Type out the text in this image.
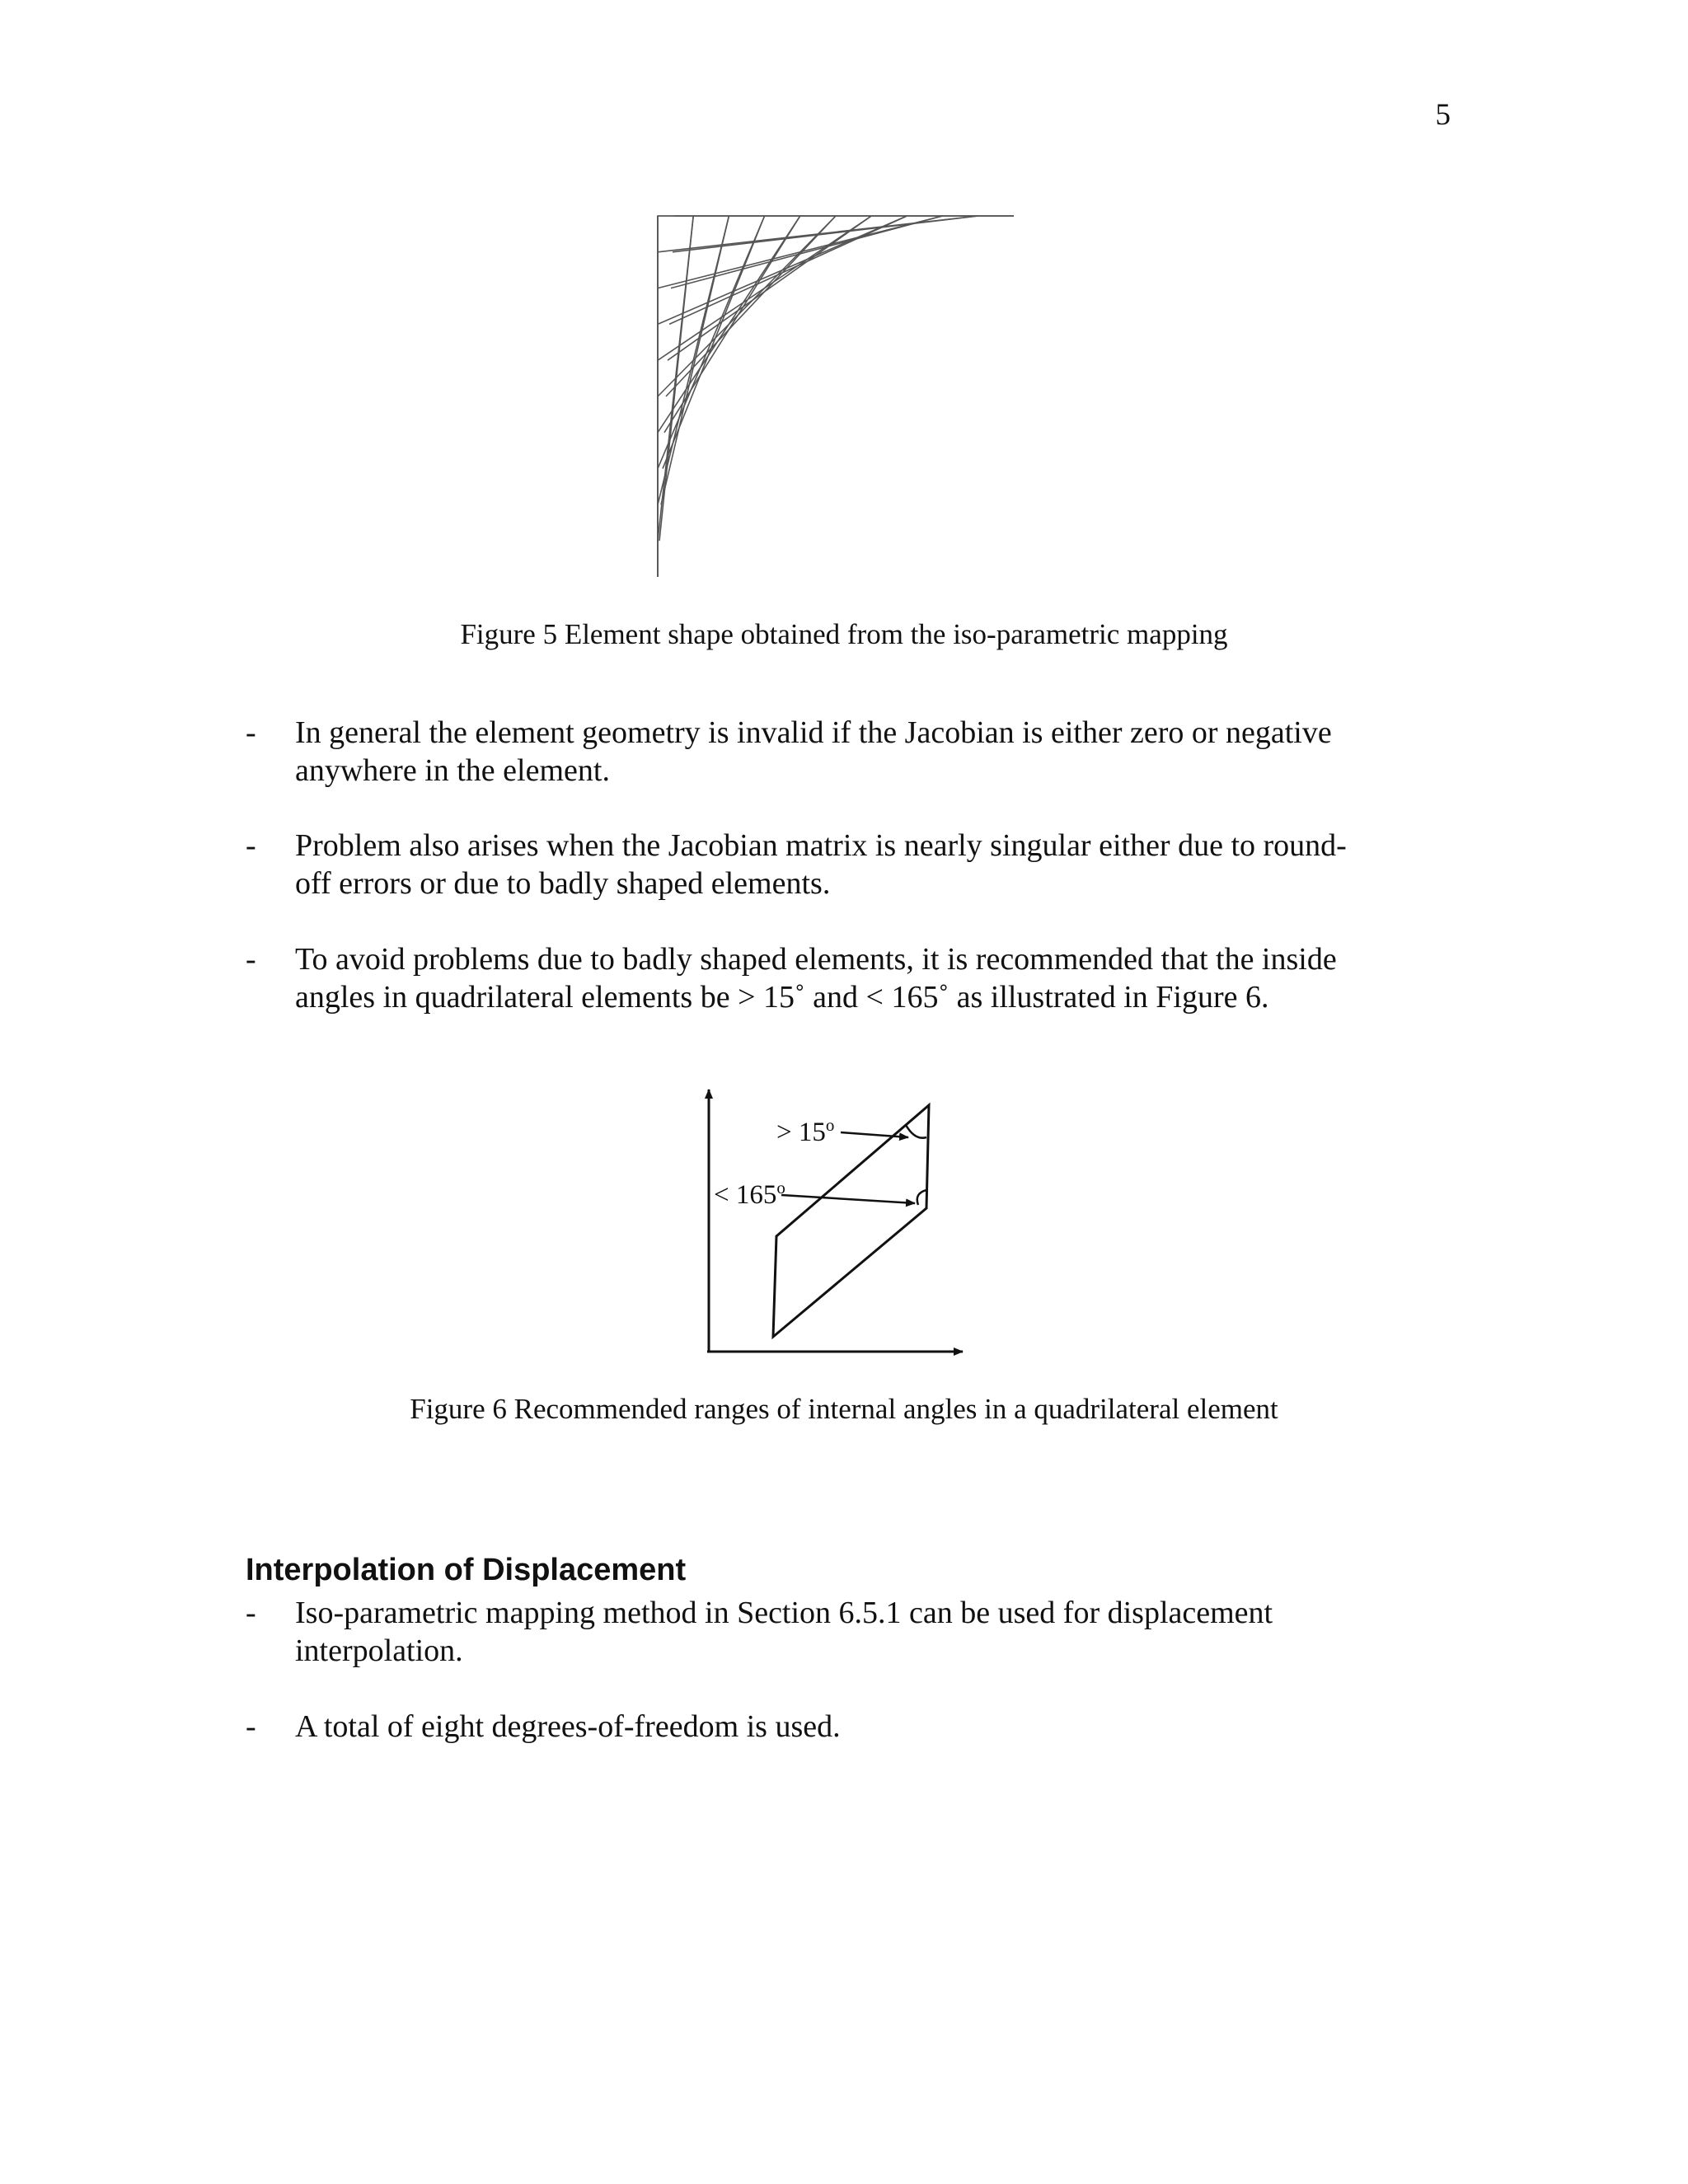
5
Figure 5 Element shape obtained from the iso-parametric mapping
- In general the element geometry is invalid if the Jacobian is either zero or negative
anywhere in the element.
- Problem also arises when the Jacobian matrix is nearly singular either due to round-
off errors or due to badly shaped elements.
- To avoid problems due to badly shaped elements, it is recommended that the inside
angles in quadrilateral elements be > 15˚ and < 165˚ as illustrated in Figure 6.
> $15^o$
< $165^o$
Figure 6 Recommended ranges of internal angles in a quadrilateral element
Interpolation of Displacement
- Iso-parametric mapping method in Section 6.5.1 can be used for displacement
interpolation.
- A total of eight degrees-of-freedom is used.
